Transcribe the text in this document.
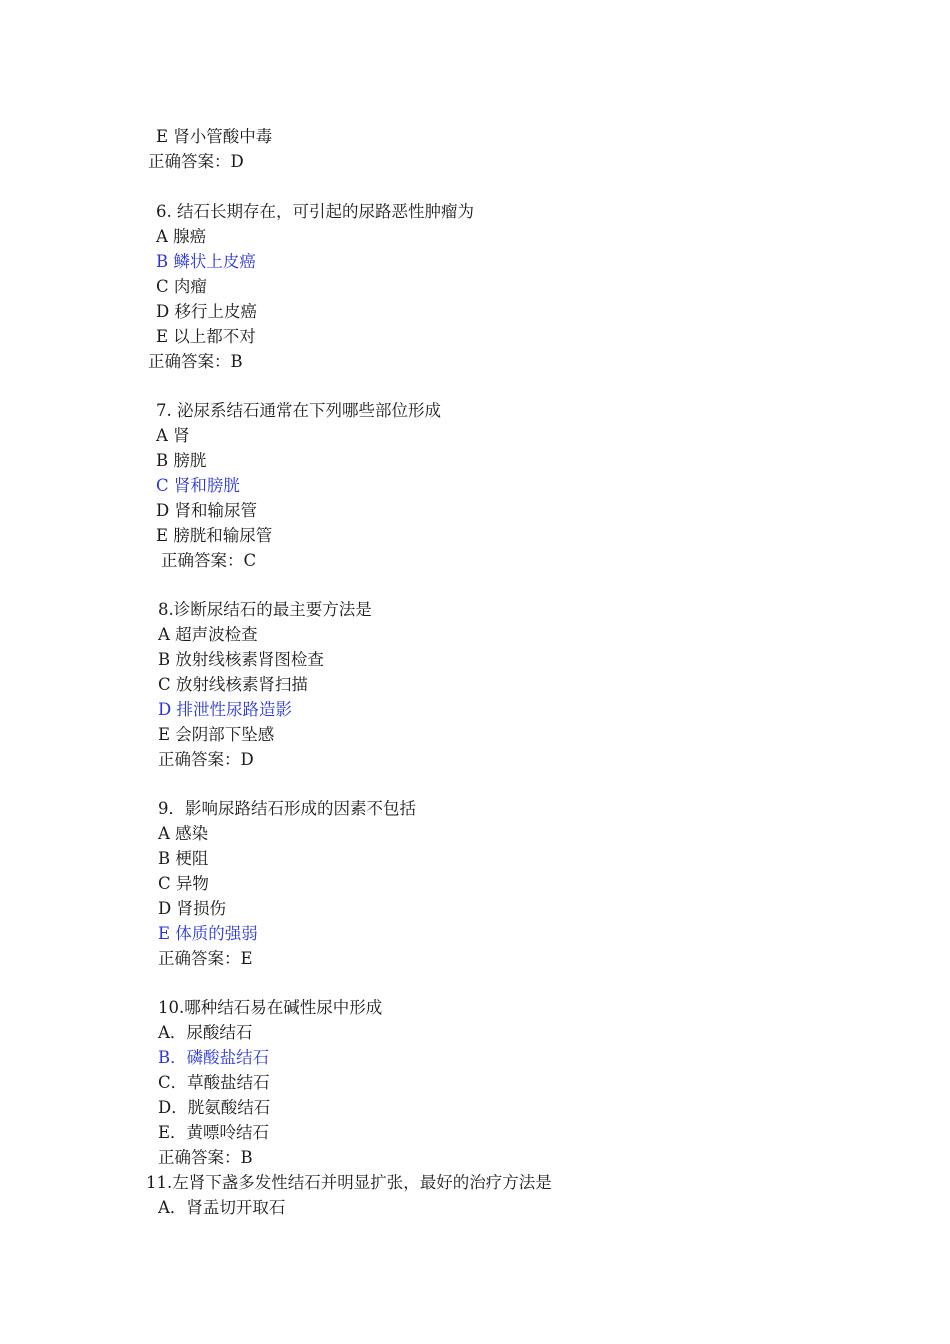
E 肾小管酸中毒
正确答案：D
6. 结石长期存在，可引起的尿路恶性肿瘤为
A 腺癌
B 鳞状上皮癌
C 肉瘤
D 移行上皮癌
E 以上都不对
正确答案：B
7. 泌尿系结石通常在下列哪些部位形成
A 肾
B 膀胱
C 肾和膀胱
D 肾和输尿管
E 膀胱和输尿管
正确答案：C
8.诊断尿结石的最主要方法是
A 超声波检查
B 放射线核素肾图检查
C 放射线核素肾扫描
D 排泄性尿路造影
E 会阴部下坠感
正确答案：D
9．影响尿路结石形成的因素不包括
A 感染
B 梗阻
C 异物
D 肾损伤
E 体质的强弱
正确答案：E
10.哪种结石易在碱性尿中形成
A．尿酸结石
B．磷酸盐结石
C．草酸盐结石
D．胱氨酸结石
E．黄嘌呤结石
正确答案：B
11.左肾下盏多发性结石并明显扩张，最好的治疗方法是
A．肾盂切开取石
